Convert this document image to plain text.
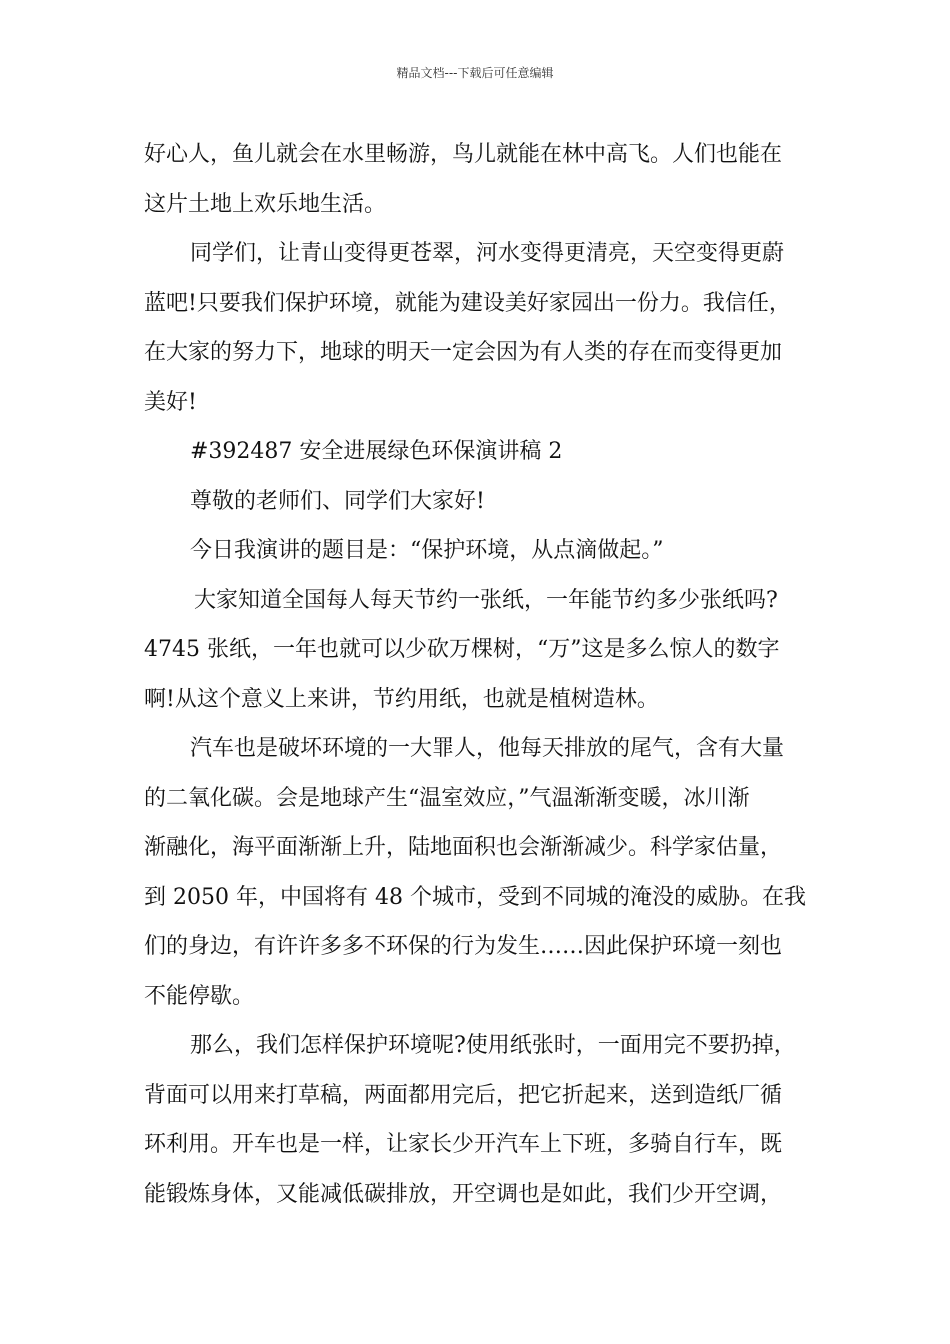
精品文档---下载后可任意编辑

好心人，鱼儿就会在水里畅游，鸟儿就能在林中高飞。人们也能在
这片土地上欢乐地生活。

同学们，让青山变得更苍翠，河水变得更清亮，天空变得更蔚
蓝吧!只要我们保护环境，就能为建设美好家园出一份力。我信任，
在大家的努力下，地球的明天一定会因为有人类的存在而变得更加
美好!

#392487 安全进展绿色环保演讲稿 2

尊敬的老师们、同学们大家好!

今日我演讲的题目是：“保护环境，从点滴做起。”

大家知道全国每人每天节约一张纸，一年能节约多少张纸吗?
4745 张纸，一年也就可以少砍万棵树，“万”这是多么惊人的数字
啊!从这个意义上来讲，节约用纸，也就是植树造林。

汽车也是破坏环境的一大罪人，他每天排放的尾气，含有大量
的二氧化碳。会是地球产生“温室效应，”气温渐渐变暖，冰川渐
渐融化，海平面渐渐上升，陆地面积也会渐渐减少。科学家估量，
到 2050 年，中国将有 48 个城市，受到不同城的淹没的威胁。在我
们的身边，有许许多多不环保的行为发生……因此保护环境一刻也
不能停歇。

那么，我们怎样保护环境呢?使用纸张时，一面用完不要扔掉，
背面可以用来打草稿，两面都用完后，把它折起来，送到造纸厂循
环利用。开车也是一样，让家长少开汽车上下班，多骑自行车，既
能锻炼身体，又能减低碳排放，开空调也是如此，我们少开空调，
